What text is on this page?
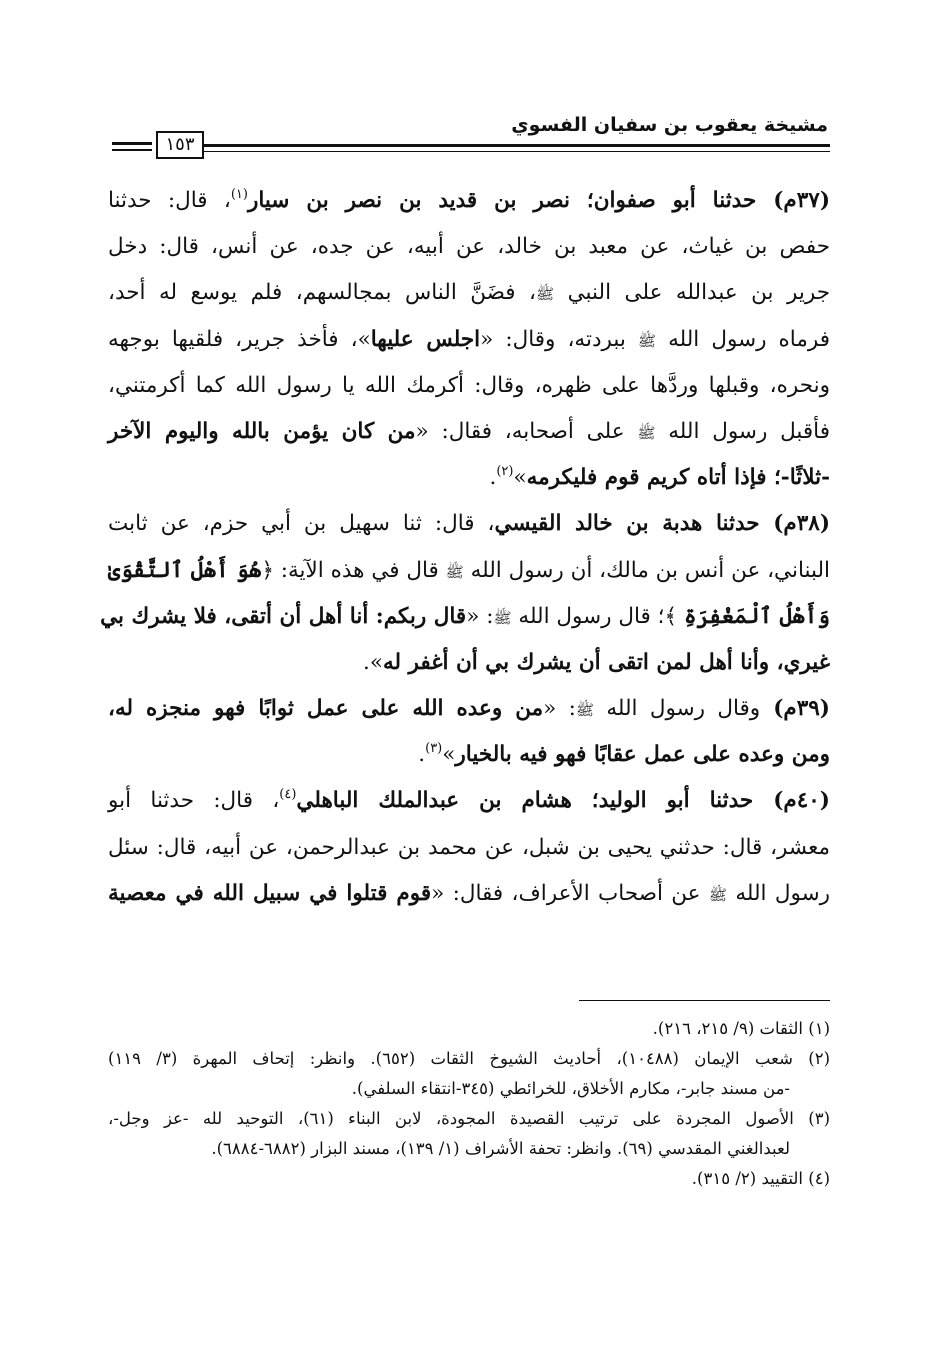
مشيخة يعقوب بن سفيان الفسوي
١٥٣
(٣٧م) حدثنا أبو صفوان؛ نصر بن قديد بن نصر بن سيار$^{(١)}$، قال: حدثنا
حفص بن غياث، عن معبد بن خالد، عن أبيه، عن جده، عن أنس، قال: دخل
جرير بن عبدالله على النبي ﷺ، فضَنَّ الناس بمجالسهم، فلم يوسع له أحد،
فرماه رسول الله ﷺ ببردته، وقال: «اجلس عليها»، فأخذ جرير، فلقيها بوجهه
ونحره، وقبلها وردَّها على ظهره، وقال: أكرمك الله يا رسول الله كما أكرمتني،
فأقبل رسول الله ﷺ على أصحابه، فقال: «من كان يؤمن بالله واليوم الآخر
-ثلاثًا-؛ فإذا أتاه كريم قوم فليكرمه»$^{(٢)}$.
(٣٨م) حدثنا هدبة بن خالد القيسي، قال: ثنا سهيل بن أبي حزم، عن ثابت
البناني، عن أنس بن مالك، أن رسول الله ﷺ قال في هذه الآية: ﴿هُوَ أَهْلُ ٱلتَّقْوَىٰ
وَأَهْلُ ٱلْمَغْفِرَةِ ﴾؛ قال رسول الله ﷺ: «قال ربكم: أنا أهل أن أتقى، فلا يشرك بي
غيري، وأنا أهل لمن اتقى أن يشرك بي أن أغفر له».
(٣٩م) وقال رسول الله ﷺ: «من وعده الله على عمل ثوابًا فهو منجزه له،
ومن وعده على عمل عقابًا فهو فيه بالخيار»$^{(٣)}$.
(٤٠م) حدثنا أبو الوليد؛ هشام بن عبدالملك الباهلي$^{(٤)}$، قال: حدثنا أبو
معشر، قال: حدثني يحيى بن شبل، عن محمد بن عبدالرحمن، عن أبيه، قال: سئل
رسول الله ﷺ عن أصحاب الأعراف، فقال: «قوم قتلوا في سبيل الله في معصية
(١) الثقات (٩/ ٢١٥، ٢١٦).
(٢) شعب الإيمان (١٠٤٨٨)، أحاديث الشيوخ الثقات (٦٥٢). وانظر: إتحاف المهرة (٣/ ١١٩)
-من مسند جابر-، مكارم الأخلاق، للخرائطي (٣٤٥-انتقاء السلفي).
(٣) الأصول المجردة على ترتيب القصيدة المجودة، لابن البناء (٦١)، التوحيد لله -عز وجل-،
لعبدالغني المقدسي (٦٩). وانظر: تحفة الأشراف (١/ ١٣٩)، مسند البزار (٦٨٨٢-٦٨٨٤).
(٤) التقييد (٢/ ٣١٥).
